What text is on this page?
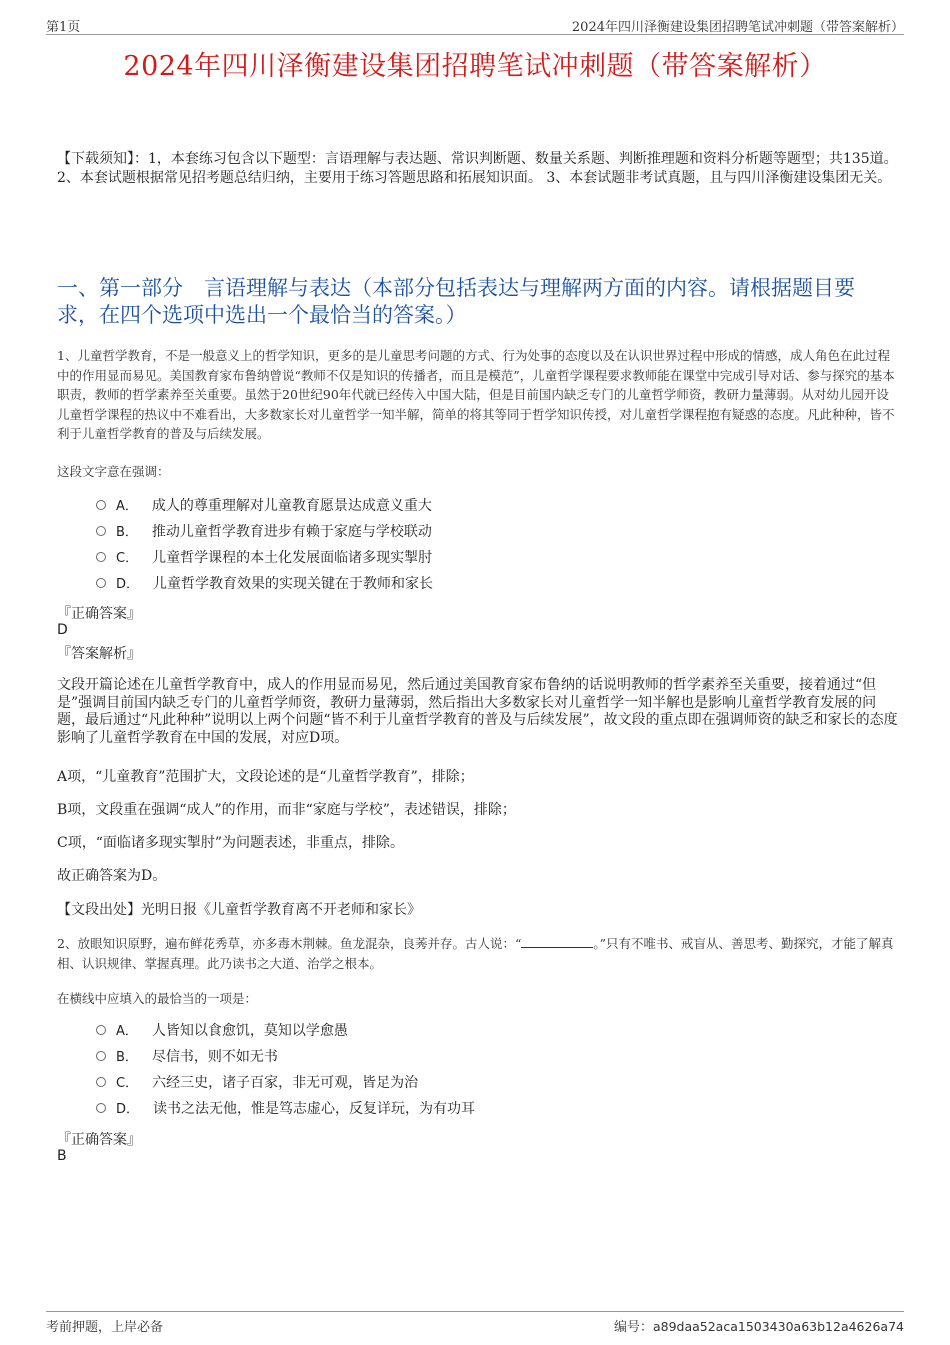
第1页	2024年四川泽衡建设集团招聘笔试冲刺题（带答案解析）
2024年四川泽衡建设集团招聘笔试冲刺题（带答案解析）
【下载须知】：1，本套练习包含以下题型：言语理解与表达题、常识判断题、数量关系题、判断推理题和资料分析题等题型；共135道。 2、本套试题根据常见招考题总结归纳，主要用于练习答题思路和拓展知识面。 3、本套试题非考试真题，且与四川泽衡建设集团无关。
一、第一部分　言语理解与表达（本部分包括表达与理解两方面的内容。请根据题目要求，在四个选项中选出一个最恰当的答案。）
1、儿童哲学教育，不是一般意义上的哲学知识，更多的是儿童思考问题的方式、行为处事的态度以及在认识世界过程中形成的情感，成人角色在此过程中的作用显而易见。美国教育家布鲁纳曾说“教师不仅是知识的传播者，而且是模范”，儿童哲学课程要求教师能在课堂中完成引导对话、参与探究的基本职责，教师的哲学素养至关重要。虽然于20世纪90年代就已经传入中国大陆，但是目前国内缺乏专门的儿童哲学师资，教研力量薄弱。从对幼儿园开设儿童哲学课程的热议中不难看出，大多数家长对儿童哲学一知半解，简单的将其等同于哲学知识传授，对儿童哲学课程抱有疑惑的态度。凡此种种，皆不利于儿童哲学教育的普及与后续发展。
这段文字意在强调：
A． 成人的尊重理解对儿童教育愿景达成意义重大
B． 推动儿童哲学教育进步有赖于家庭与学校联动
C． 儿童哲学课程的本土化发展面临诸多现实掣肘
D． 儿童哲学教育效果的实现关键在于教师和家长
『正确答案』
D
『答案解析』
文段开篇论述在儿童哲学教育中，成人的作用显而易见，然后通过美国教育家布鲁纳的话说明教师的哲学素养至关重要，接着通过“但是”强调目前国内缺乏专门的儿童哲学师资，教研力量薄弱，然后指出大多数家长对儿童哲学一知半解也是影响儿童哲学教育发展的问题，最后通过“凡此种种”说明以上两个问题“皆不利于儿童哲学教育的普及与后续发展”，故文段的重点即在强调师资的缺乏和家长的态度影响了儿童哲学教育在中国的发展，对应D项。
A项，“儿童教育”范围扩大，文段论述的是“儿童哲学教育”，排除；
B项，文段重在强调“成人”的作用，而非“家庭与学校”，表述错误，排除；
C项，“面临诸多现实掣肘”为问题表述，非重点，排除。
故正确答案为D。
【文段出处】光明日报《儿童哲学教育离不开老师和家长》
2、放眼知识原野，遍布鲜花秀草，亦多毒木荆棘。鱼龙混杂，良莠并存。古人说：“	。”只有不唯书、戒盲从、善思考、勤探究，才能了解真相、认识规律、掌握真理。此乃读书之大道、治学之根本。
在横线中应填入的最恰当的一项是：
A． 人皆知以食愈饥，莫知以学愈愚
B． 尽信书，则不如无书
C． 六经三史，诸子百家，非无可观，皆足为治
D． 读书之法无他，惟是笃志虚心，反复详玩，为有功耳
『正确答案』
B
考前押题，上岸必备	编号：a89daa52aca1503430a63b12a4626a74
